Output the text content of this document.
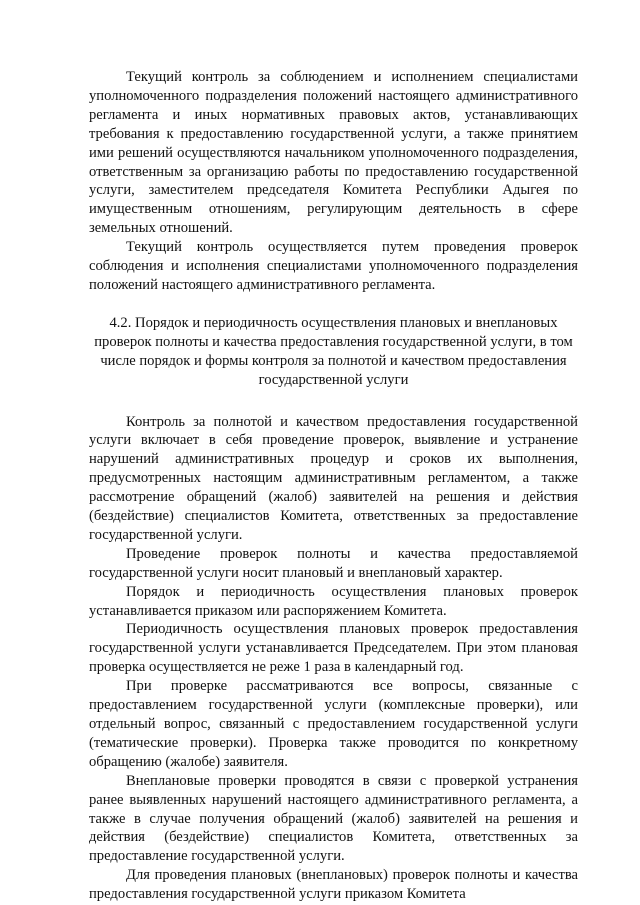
Текущий контроль за соблюдением и исполнением специалистами уполномоченного подразделения положений настоящего административного регламента и иных нормативных правовых актов, устанавливающих требования к предоставлению государственной услуги, а также принятием ими решений осуществляются начальником уполномоченного подразделения, ответственным за организацию работы по предоставлению государственной услуги, заместителем председателя Комитета Республики Адыгея по имущественным отношениям, регулирующим деятельность в сфере земельных отношений.

Текущий контроль осуществляется путем проведения проверок соблюдения и исполнения специалистами уполномоченного подразделения положений настоящего административного регламента.

4.2. Порядок и периодичность осуществления плановых и внеплановых проверок полноты и качества предоставления государственной услуги, в том числе порядок и формы контроля за полнотой и качеством предоставления государственной услуги

Контроль за полнотой и качеством предоставления государственной услуги включает в себя проведение проверок, выявление и устранение нарушений административных процедур и сроков их выполнения, предусмотренных настоящим административным регламентом, а также рассмотрение обращений (жалоб) заявителей на решения и действия (бездействие) специалистов Комитета, ответственных за предоставление государственной услуги.

Проведение проверок полноты и качества предоставляемой государственной услуги носит плановый и внеплановый характер.

Порядок и периодичность осуществления плановых проверок устанавливается приказом или распоряжением Комитета.

Периодичность осуществления плановых проверок предоставления государственной услуги устанавливается Председателем. При этом плановая проверка осуществляется не реже 1 раза в календарный год.

При проверке рассматриваются все вопросы, связанные с предоставлением государственной услуги (комплексные проверки), или отдельный вопрос, связанный с предоставлением государственной услуги (тематические проверки). Проверка также проводится по конкретному обращению (жалобе) заявителя.

Внеплановые проверки проводятся в связи с проверкой устранения ранее выявленных нарушений настоящего административного регламента, а также в случае получения обращений (жалоб) заявителей на решения и действия (бездействие) специалистов Комитета, ответственных за предоставление государственной услуги.

Для проведения плановых (внеплановых) проверок полноты и качества предоставления государственной услуги приказом Комитета
